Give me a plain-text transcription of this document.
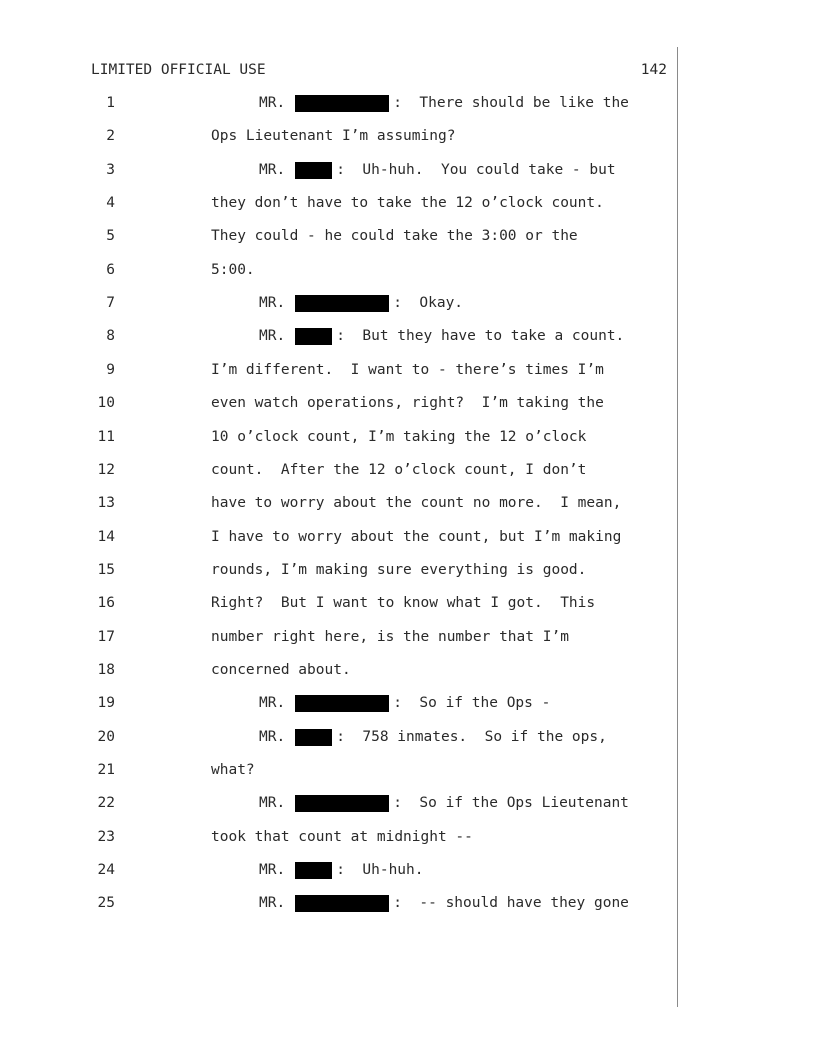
LIMITED OFFICIAL USE	142
1	MR.	:  There should be like the
2	Ops Lieutenant I’m assuming?
3	MR.	:  Uh-huh.  You could take - but
4	they don’t have to take the 12 o’clock count.
5	They could - he could take the 3:00 or the
6	5:00.
7	MR.	:  Okay.
8	MR.	:  But they have to take a count.
9	I’m different.  I want to - there’s times I’m
10	even watch operations, right?  I’m taking the
11	10 o’clock count, I’m taking the 12 o’clock
12	count.  After the 12 o’clock count, I don’t
13	have to worry about the count no more.  I mean,
14	I have to worry about the count, but I’m making
15	rounds, I’m making sure everything is good.
16	Right?  But I want to know what I got.  This
17	number right here, is the number that I’m
18	concerned about.
19	MR.	:  So if the Ops -
20	MR.	:  758 inmates.  So if the ops,
21	what?
22	MR.	:  So if the Ops Lieutenant
23	took that count at midnight --
24	MR.	:  Uh-huh.
25	MR.	:  -- should have they gone
